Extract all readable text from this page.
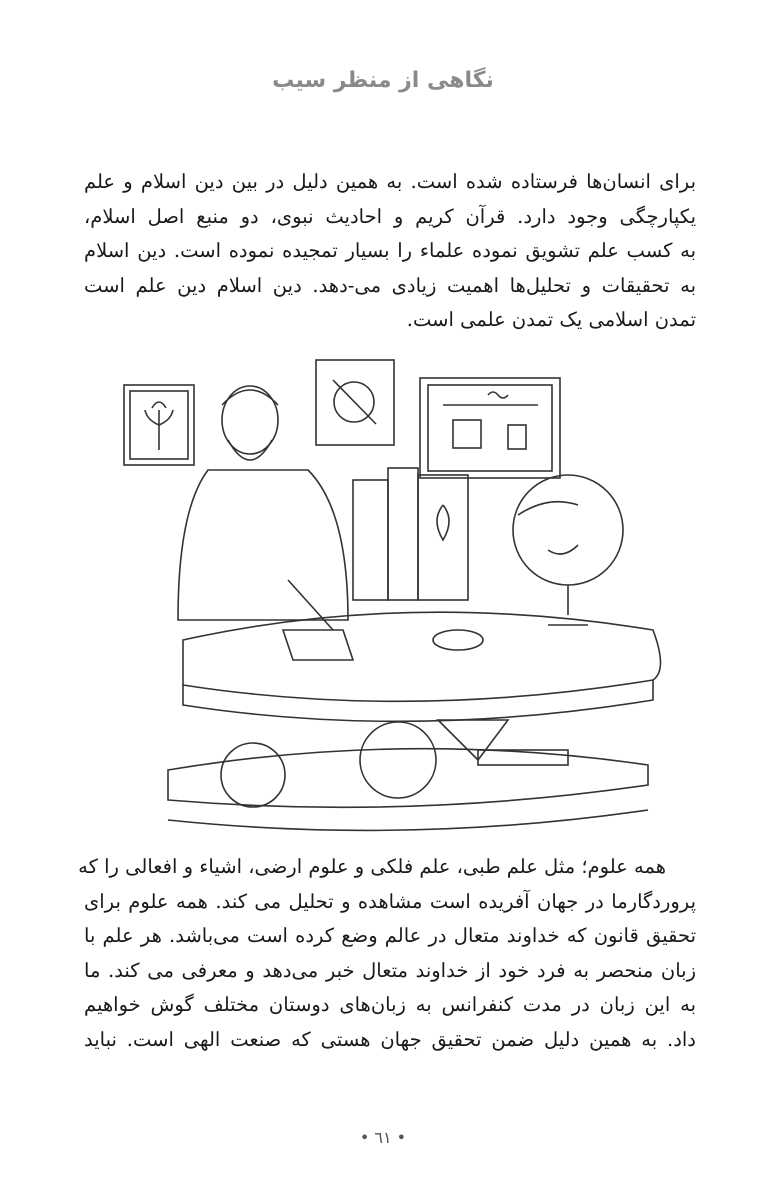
نگاهی از منظر سیب
برای انسان‌ها فرستاده شده است. به همین دلیل در بین دین اسلام و علم
یکپارچگی وجود دارد. قرآن کریم و احادیث نبوی، دو منبع اصل اسلام،
به کسب علم تشویق نموده علماء را بسیار تمجیده نموده است. دین اسلام
به تحقیقات و تحلیل‌ها اهمیت زیادی می-دهد. دین اسلام دین علم است
تمدن اسلامی یک تمدن علمی است.
همه علوم؛ مثل علم طبی، علم فلکی و علوم ارضی، اشیاء و افعالی را که
پروردگارما در جهان آفریده است مشاهده و تحلیل می کند. همه علوم برای
تحقیق قانون که خداوند متعال در عالم وضع کرده است می‌باشد. هر علم با
زبان منحصر به فرد خود از خداوند متعال خبر می‌دهد و معرفی می کند. ما
به این زبان در مدت کنفرانس به زبان‌های دوستان مختلف گوش خواهیم
داد. به همین دلیل ضمن تحقیق جهان هستی که صنعت الهی است. نباید
• ٦١ •
